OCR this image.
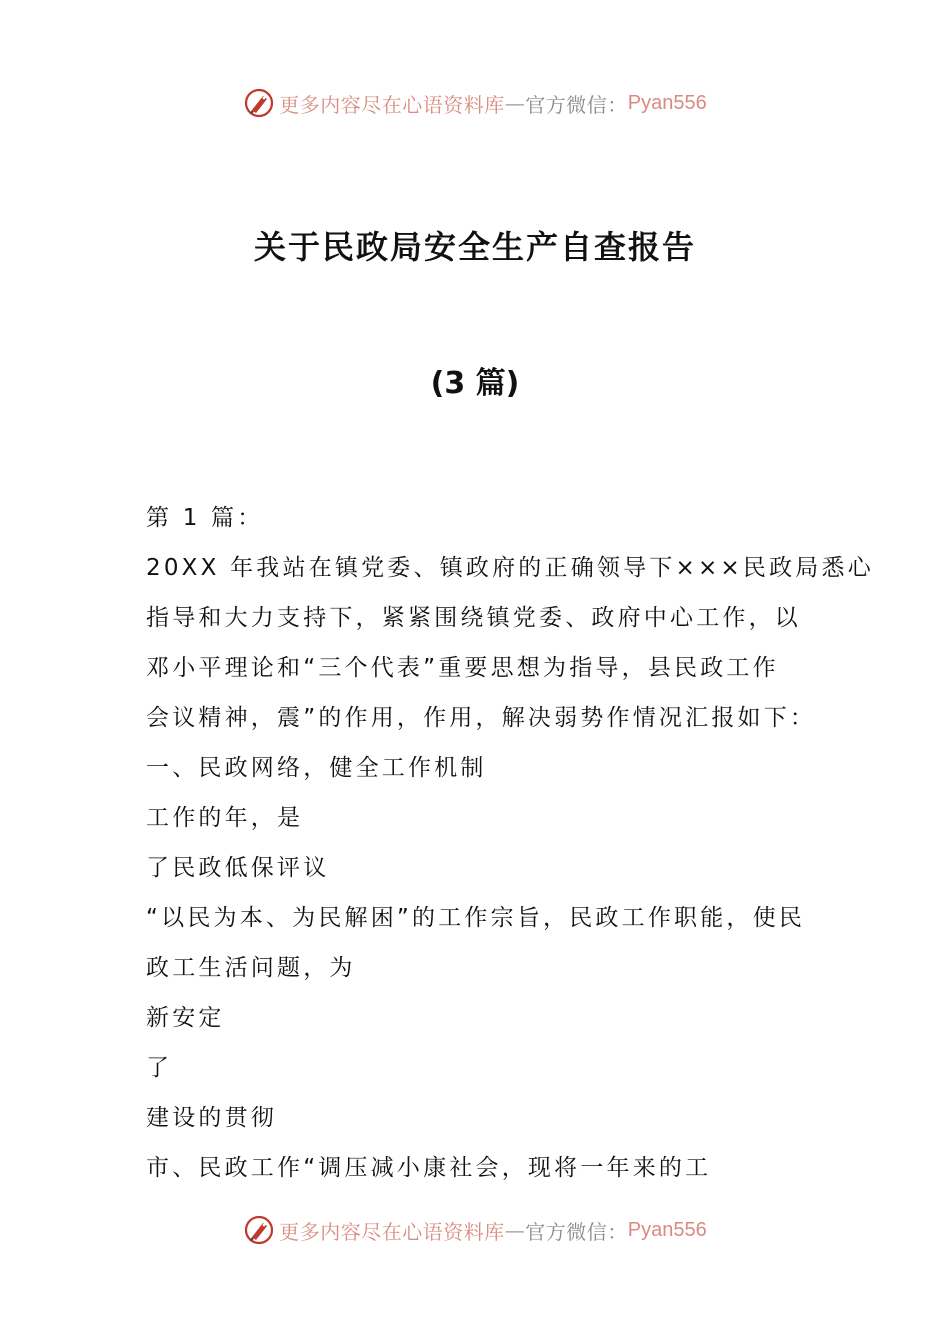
更多内容尽在心语资料库 — 官方微信： Pyan556
关于民政局安全生产自查报告
(3 篇)
第 1 篇：
20XX 年我站在镇党委、镇政府的正确领导下×××民政局悉心
指导和大力支持下，紧紧围绕镇党委、政府中心工作，以
邓小平理论和“三个代表”重要思想为指导，县民政工作
会议精神，震”的作用，作用，解决弱势作情况汇报如下：
一、民政网络，健全工作机制
工作的年，是
了民政低保评议
“以民为本、为民解困”的工作宗旨，民政工作职能，使民
政工生活问题，为
新安定
了
建设的贯彻
市、民政工作“调压减小康社会，现将一年来的工
更多内容尽在心语资料库 — 官方微信： Pyan556
